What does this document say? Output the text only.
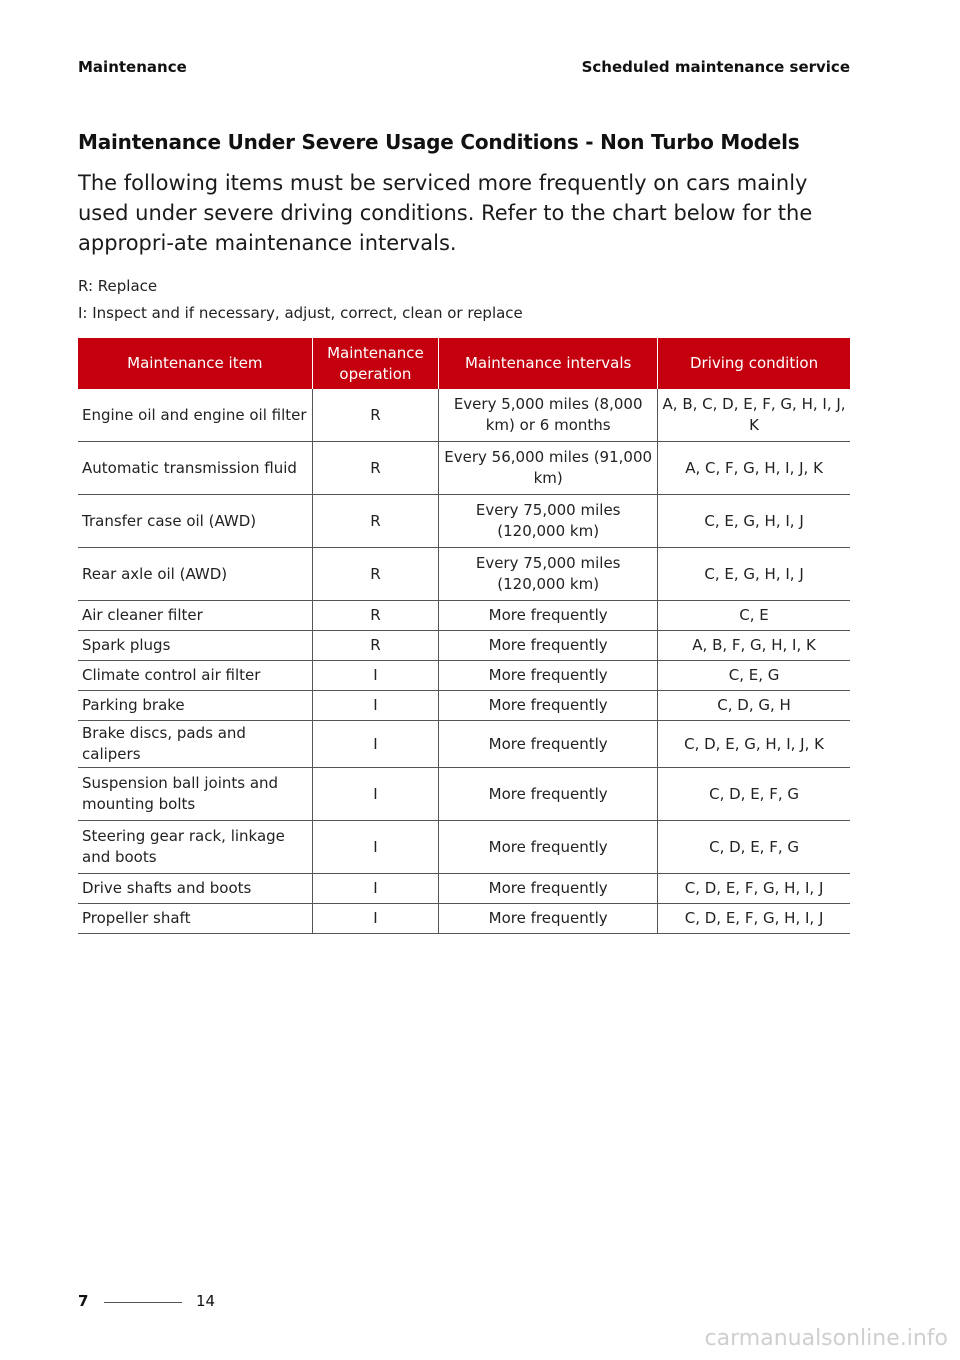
Maintenance	Scheduled maintenance service
Maintenance Under Severe Usage Conditions - Non Turbo Models

The following items must be serviced more frequently on cars mainly used under severe driving conditions. Refer to the chart below for the appropri-ate maintenance intervals.

R: Replace

I: Inspect and if necessary, adjust, correct, clean or replace

Maintenance item	Maintenance operation	Maintenance intervals	Driving condition
Engine oil and engine oil filter	R	Every 5,000 miles (8,000 km) or 6 months	A, B, C, D, E, F, G, H, I, J, K
Automatic transmission fluid	R	Every 56,000 miles (91,000 km)	A, C, F, G, H, I, J, K
Transfer case oil (AWD)	R	Every 75,000 miles (120,000 km)	C, E, G, H, I, J
Rear axle oil (AWD)	R	Every 75,000 miles (120,000 km)	C, E, G, H, I, J
Air cleaner filter	R	More frequently	C, E
Spark plugs	R	More frequently	A, B, F, G, H, I, K
Climate control air filter	I	More frequently	C, E, G
Parking brake	I	More frequently	C, D, G, H
Brake discs, pads and calipers	I	More frequently	C, D, E, G, H, I, J, K
Suspension ball joints and mounting bolts	I	More frequently	C, D, E, F, G
Steering gear rack, linkage and boots	I	More frequently	C, D, E, F, G
Drive shafts and boots	I	More frequently	C, D, E, F, G, H, I, J
Propeller shaft	I	More frequently	C, D, E, F, G, H, I, J
7	14
carmanualsonline.info
